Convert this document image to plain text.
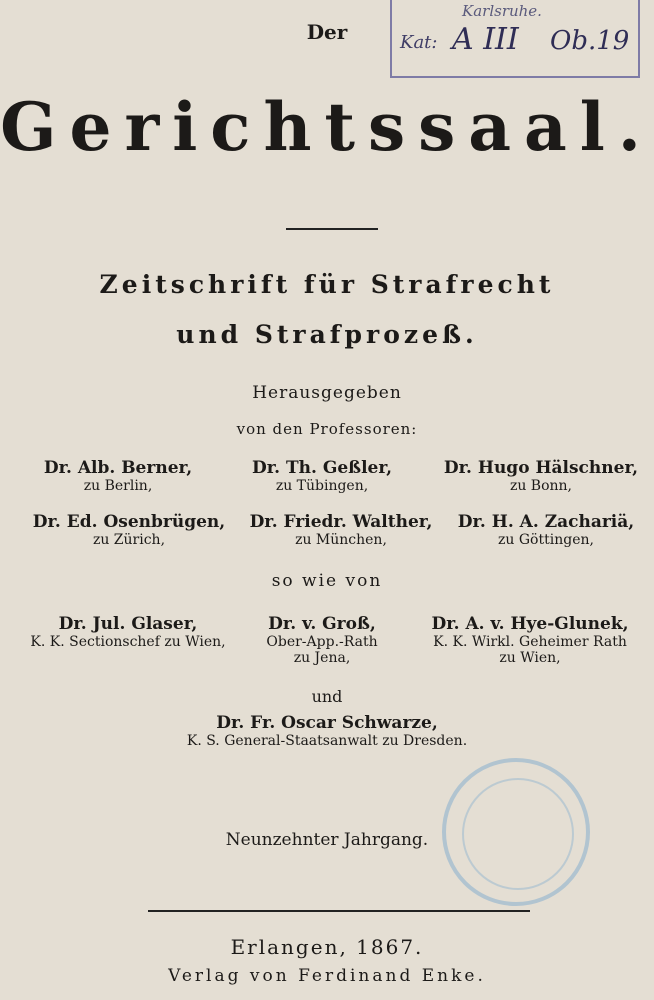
Karlsruhe.
Kat: A III Ob.19
Der
Gerichtssaal.
Zeitschrift für Strafrecht
und Strafprozeß.
Herausgegeben
von den Professoren:
Dr. Alb. Berner,
zu Berlin,
Dr. Th. Geßler,
zu Tübingen,
Dr. Hugo Hälschner,
zu Bonn,
Dr. Ed. Osenbrügen,
zu Zürich,
Dr. Friedr. Walther,
zu München,
Dr. H. A. Zachariä,
zu Göttingen,
so wie von
Dr. Jul. Glaser,
K. K. Sectionschef zu Wien,
Dr. v. Groß,
Ober-App.-Rath
zu Jena,
Dr. A. v. Hye-Glunek,
K. K. Wirkl. Geheimer Rath
zu Wien,
und
Dr. Fr. Oscar Schwarze,
K. S. General-Staatsanwalt zu Dresden.
Neunzehnter Jahrgang.
Erlangen, 1867.
Verlag von Ferdinand Enke.
